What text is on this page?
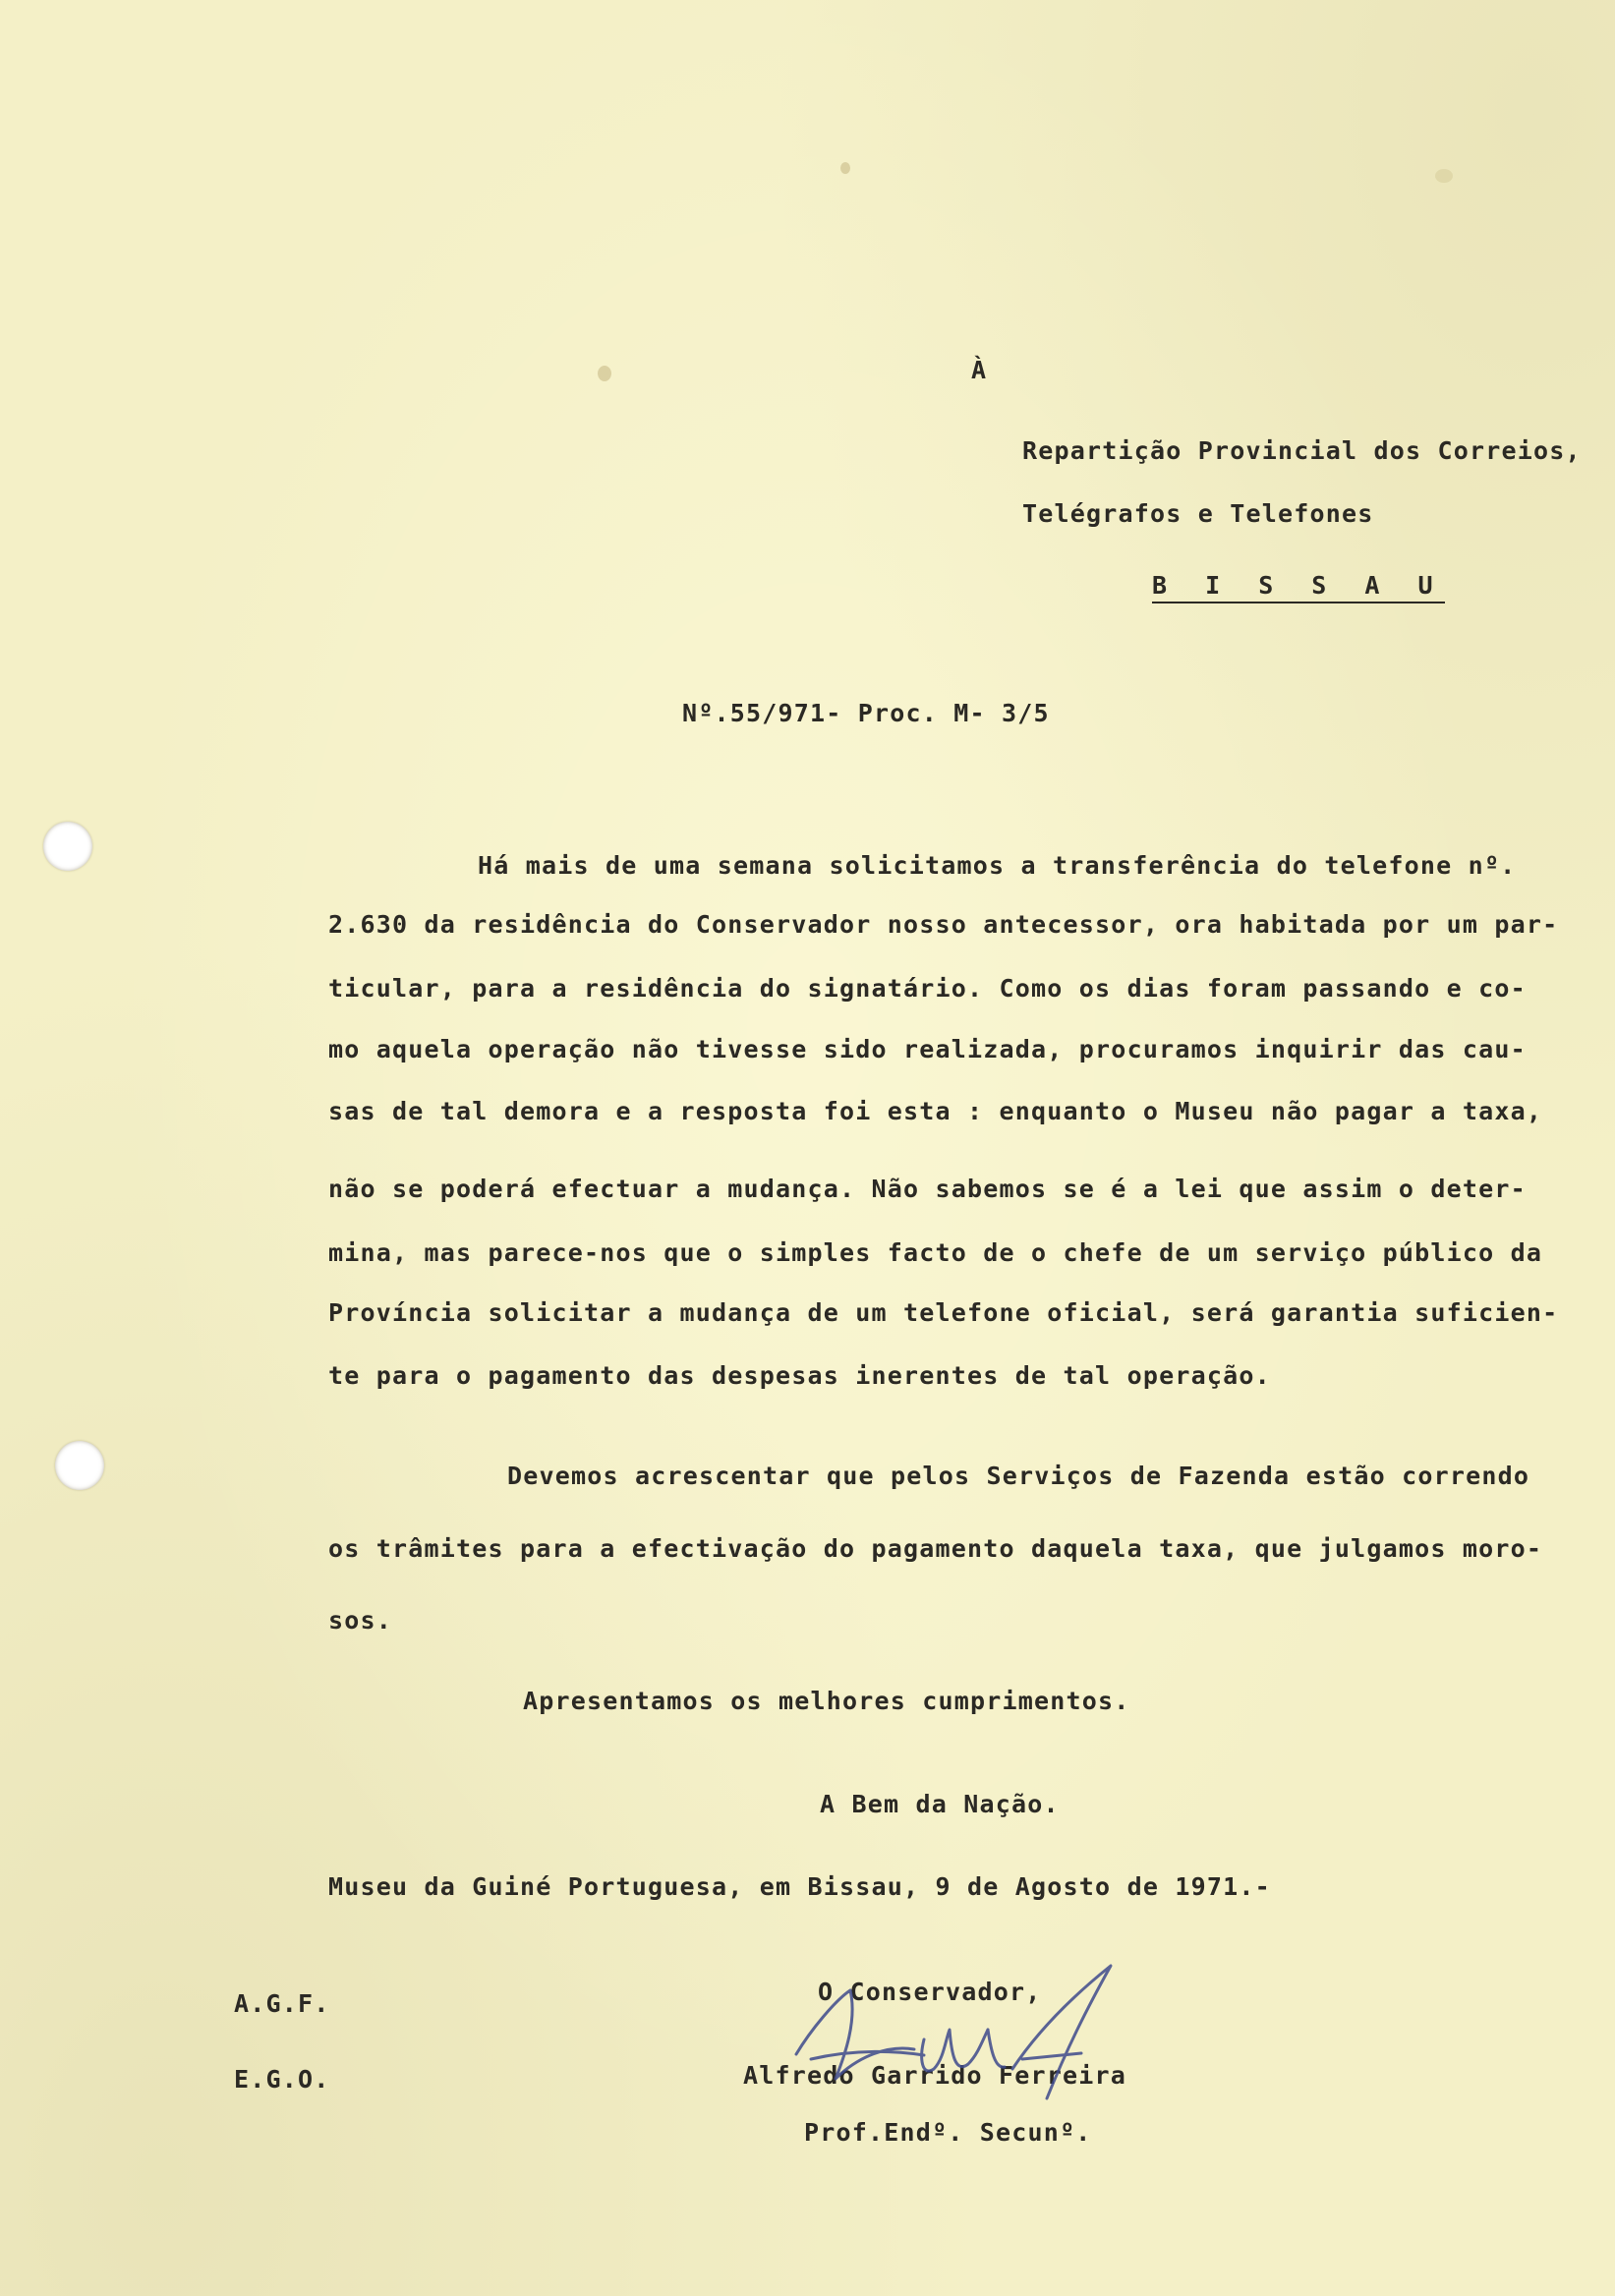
À

Repartição Provincial dos Correios,

Telégrafos e Telefones

B I S S A U

Nº.55/971- Proc. M- 3/5

Há mais de uma semana solicitamos a transferência do telefone nº.

2.630 da residência do Conservador nosso antecessor, ora habitada por um par-

ticular, para a residência do signatário. Como os dias foram passando e co-

mo aquela operação não tivesse sido realizada, procuramos inquirir das cau-

sas de tal demora e a resposta foi esta : enquanto o Museu não pagar a taxa,

não se poderá efectuar a mudança. Não sabemos se é a lei que assim o deter-

mina, mas parece-nos que o simples facto de o chefe de um serviço público da

Província solicitar a mudança de um telefone oficial, será garantia suficien-

te para o pagamento das despesas inerentes de tal operação.

Devemos acrescentar que pelos Serviços de Fazenda estão correndo

os trâmites para a efectivação do pagamento daquela taxa, que julgamos moro-

sos.

Apresentamos os melhores cumprimentos.

A Bem da Nação.

Museu da Guiné Portuguesa, em Bissau, 9 de Agosto de 1971.-

A.G.F.

E.G.O.

O Conservador,

Alfredo Garrido Ferreira

Prof.Endº. Secunº.
